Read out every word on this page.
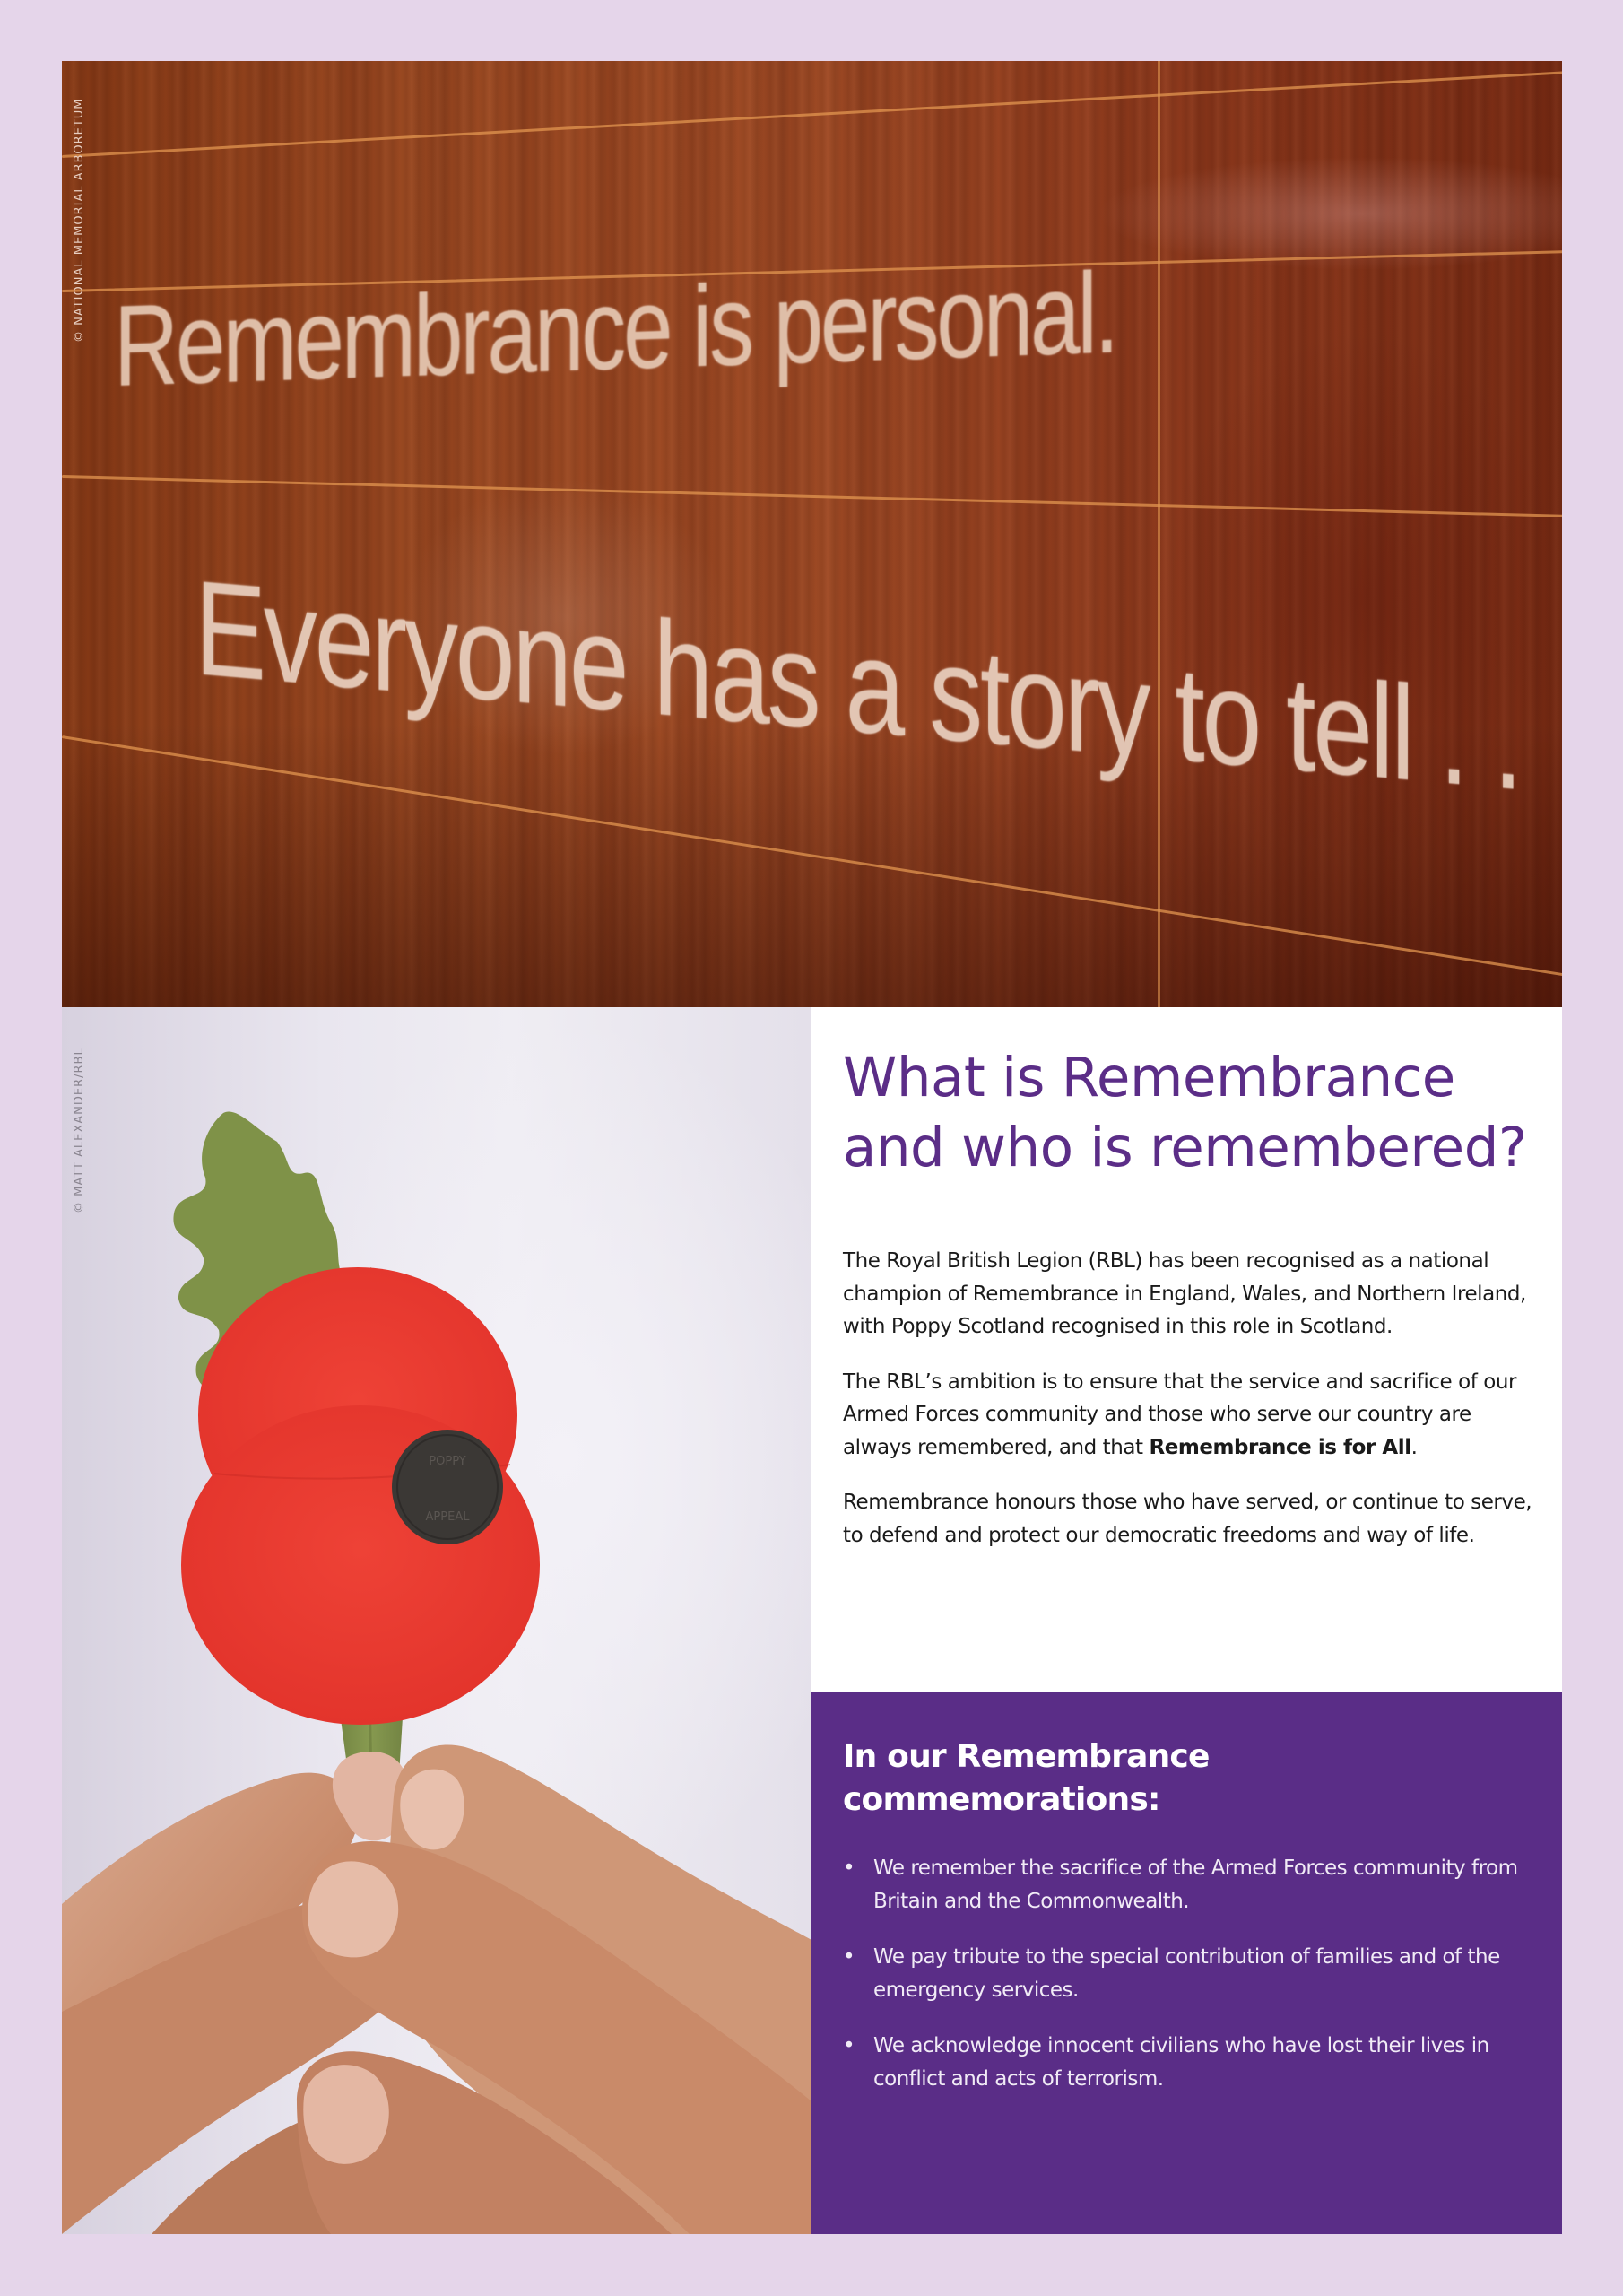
Remembrance is personal.
Everyone has a story to tell . .
© NATIONAL MEMORIAL ARBORETUM
POPPY
APPEAL
© MATT ALEXANDER/RBL	What is Remembrance
and who is remembered?

The Royal British Legion (RBL) has been recognised as a national champion of Remembrance in England, Wales, and Northern Ireland, with Poppy Scotland recognised in this role in Scotland.

The RBL’s ambition is to ensure that the service and sacrifice of our Armed Forces community and those who serve our country are always remembered, and that Remembrance is for All.

Remembrance honours those who have served, or continue to serve, to defend and protect our democratic freedoms and way of life.

In our Remembrance commemorations:
• We remember the sacrifice of the Armed Forces community from Britain and the Commonwealth.
• We pay tribute to the special contribution of families and of the emergency services.
• We acknowledge innocent civilians who have lost their lives in conflict and acts of terrorism.
